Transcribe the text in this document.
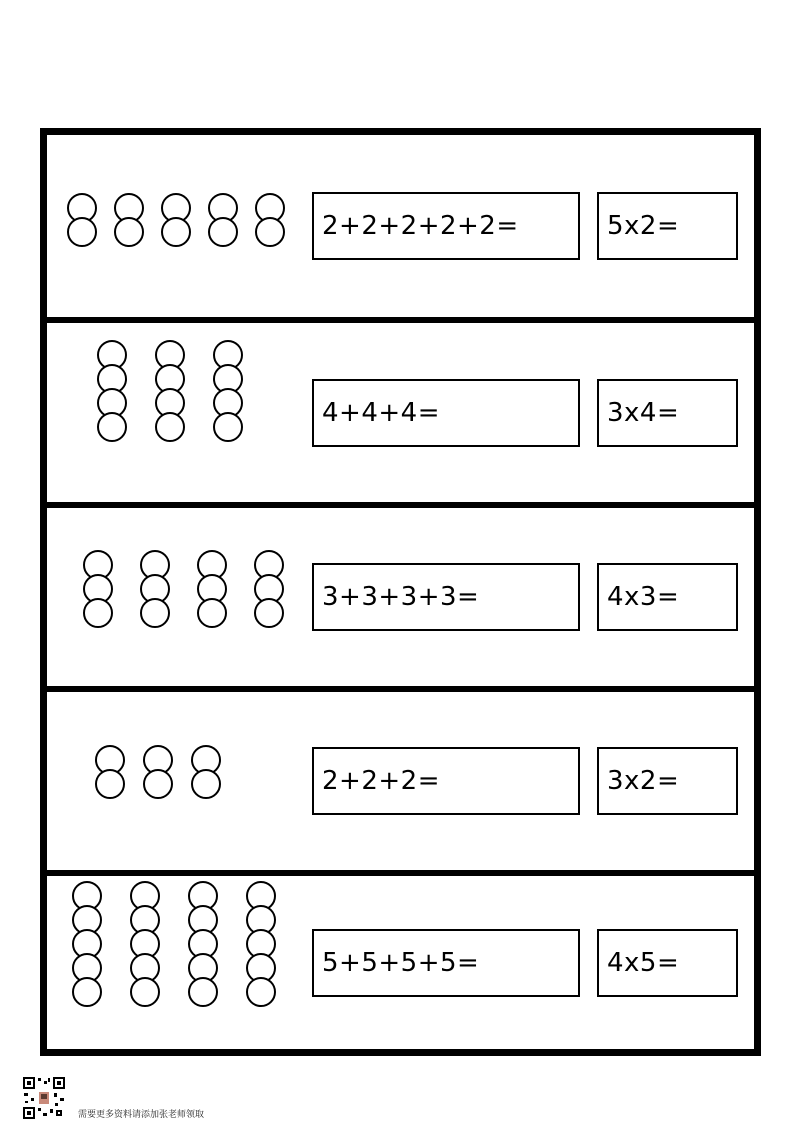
2+2+2+2+2=	5x2=
4+4+4=	3x4=
3+3+3+3=	4x3=
2+2+2=	3x2=
5+5+5+5=	4x5=
需要更多资料请添加张老师领取
